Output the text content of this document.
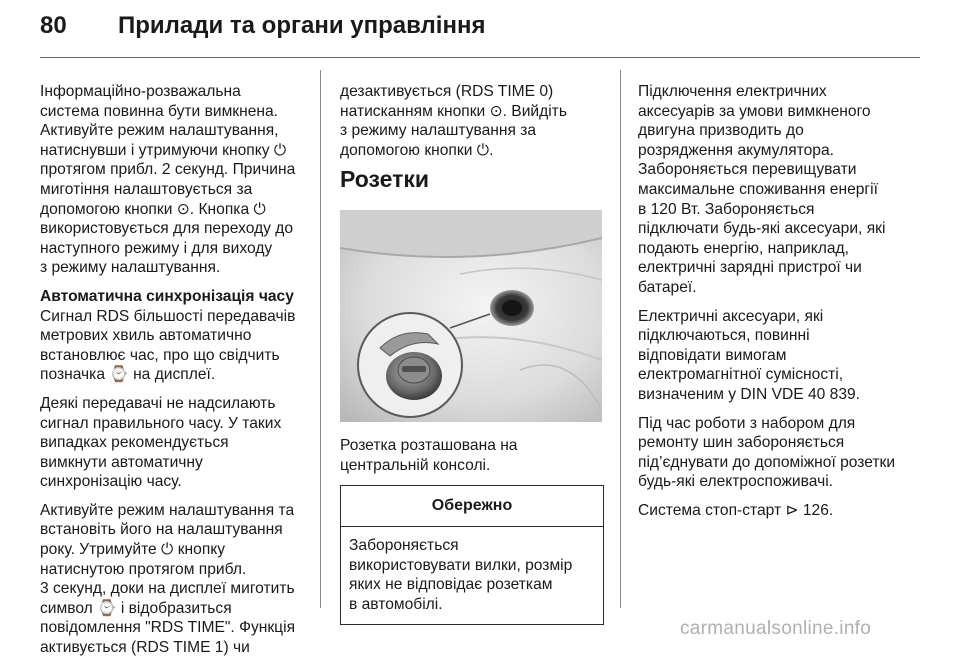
80 Прилади та органи управління

Інформаційно-розважальна
система повинна бути вимкнена.
Активуйте режим налаштування,
натиснувши і утримуючи кнопку ⏻
протягом прибл. 2 секунд. Причина
миготіння налаштовується за
допомогою кнопки ⊙. Кнопка ⏻
використовується для переходу до
наступного режиму і для виходу
з режиму налаштування.

Автоматична синхронізація часу
Сигнал RDS більшості передавачів
метрових хвиль автоматично
встановлює час, про що свідчить
позначка ⌚ на дисплеї.

Деякі передавачі не надсилають
сигнал правильного часу. У таких
випадках рекомендується
вимкнути автоматичну
синхронізацію часу.

Активуйте режим налаштування та
встановіть його на налаштування
року. Утримуйте ⏻ кнопку
натиснутою протягом прибл.
3 секунд, доки на дисплеї миготить
символ ⌚ і відобразиться
повідомлення "RDS TIME". Функція
активується (RDS TIME 1) чи

дезактивується (RDS TIME 0)
натисканням кнопки ⊙. Вийдіть
з режиму налаштування за
допомогою кнопки ⏻.

Розетки

Розетка розташована на
центральній консолі.

Обережно
Забороняється
використовувати вилки, розмір
яких не відповідає розеткам
в автомобілі.

Підключення електричних
аксесуарів за умови вимкненого
двигуна призводить до
розрядження акумулятора.
Забороняється перевищувати
максимальне споживання енергії
в 120 Вт. Забороняється
підключати будь-які аксесуари, які
подають енергію, наприклад,
електричні зарядні пристрої чи
батареї.

Електричні аксесуари, які
підключаються, повинні
відповідати вимогам
електромагнітної сумісності,
визначеним у DIN VDE 40 839.

Під час роботи з набором для
ремонту шин забороняється
під’єднувати до допоміжної розетки
будь-які електроспоживачі.

Система стоп-старт ⊳ 126.

carmanualsonline.info
